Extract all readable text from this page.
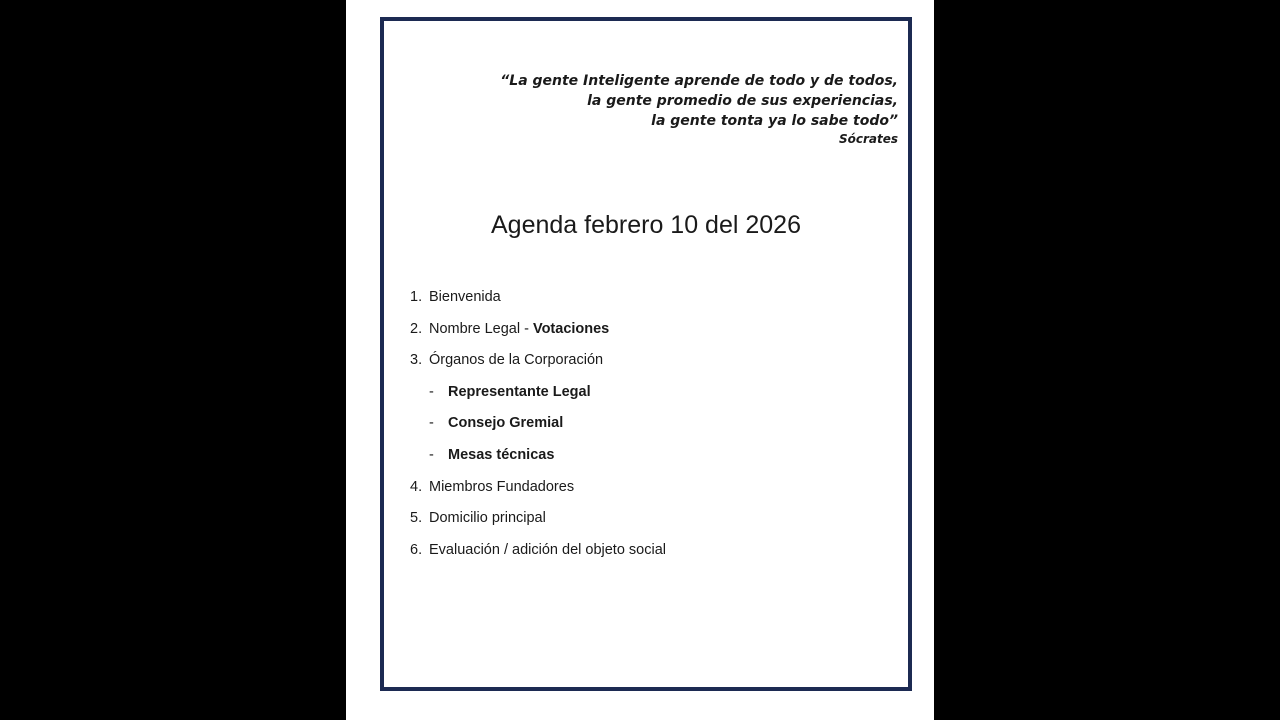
“La gente Inteligente aprende de todo y de todos,
la gente promedio de sus experiencias,
la gente tonta ya lo sabe todo”
Sócrates
Agenda febrero 10 del 2026
1. Bienvenida
2. Nombre Legal - Votaciones
3. Órganos de la Corporación
- Representante Legal
- Consejo Gremial
- Mesas técnicas
4. Miembros Fundadores
5. Domicilio principal
6. Evaluación / adición del objeto social
